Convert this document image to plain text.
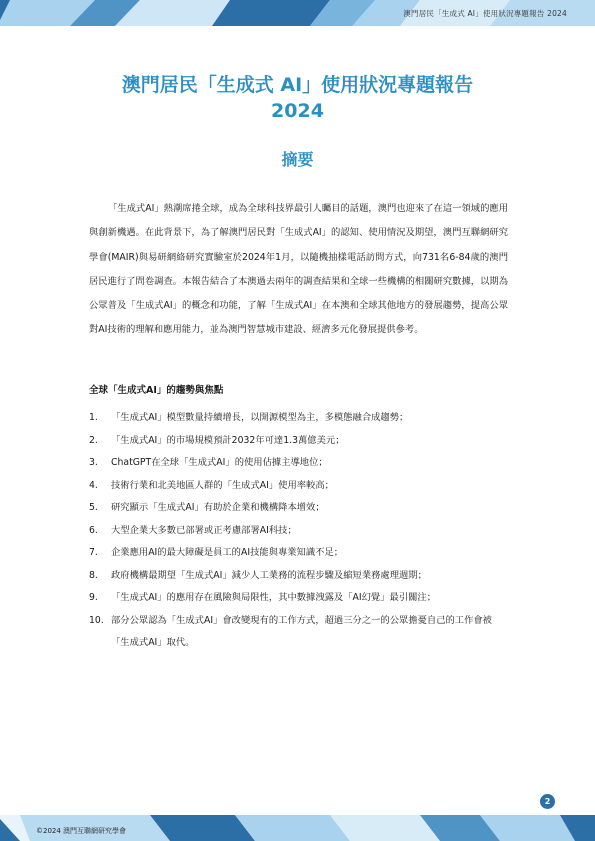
澳門居民「生成式 AI」使用狀況專題報告 2024
澳門居民「生成式 AI」使用狀況專題報告
2024
摘要

「生成式AI」熱潮席捲全球，成為全球科技界最引人矚目的話題，澳門也迎來了在這一領域的應用與創新機遇。在此背景下，為了解澳門居民對「生成式AI」的認知、使用情況及期望，澳門互聯網研究學會(MAIR)與易研網絡研究實驗室於2024年1月，以隨機抽樣電話訪問方式，向731名6-84歲的澳門居民進行了問卷調查。本報告結合了本澳過去兩年的調查結果和全球一些機構的相關研究數據，以期為公眾普及「生成式AI」的概念和功能，了解「生成式AI」在本澳和全球其他地方的發展趨勢，提高公眾對AI技術的理解和應用能力，並為澳門智慧城市建設、經濟多元化發展提供參考。

全球「生成式AI」的趨勢與焦點
1. 「生成式AI」模型數量持續增長，以開源模型為主，多模態融合成趨勢；
2. 「生成式AI」的市場規模預計2032年可達1.3萬億美元；
3. ChatGPT在全球「生成式AI」的使用佔據主導地位；
4. 技術行業和北美地區人群的「生成式AI」使用率較高；
5. 研究顯示「生成式AI」有助於企業和機構降本增效；
6. 大型企業大多數已部署或正考慮部署AI科技；
7. 企業應用AI的最大障礙是員工的AI技能與專業知識不足；
8. 政府機構最期望「生成式AI」減少人工業務的流程步驟及縮短業務處理週期；
9. 「生成式AI」的應用存在風險與局限性，其中數據洩露及「AI幻覺」最引關注；
10. 部分公眾認為「生成式AI」會改變現有的工作方式，超過三分之一的公眾擔憂自己的工作會被「生成式AI」取代。
2
©2024 澳門互聯網研究學會
